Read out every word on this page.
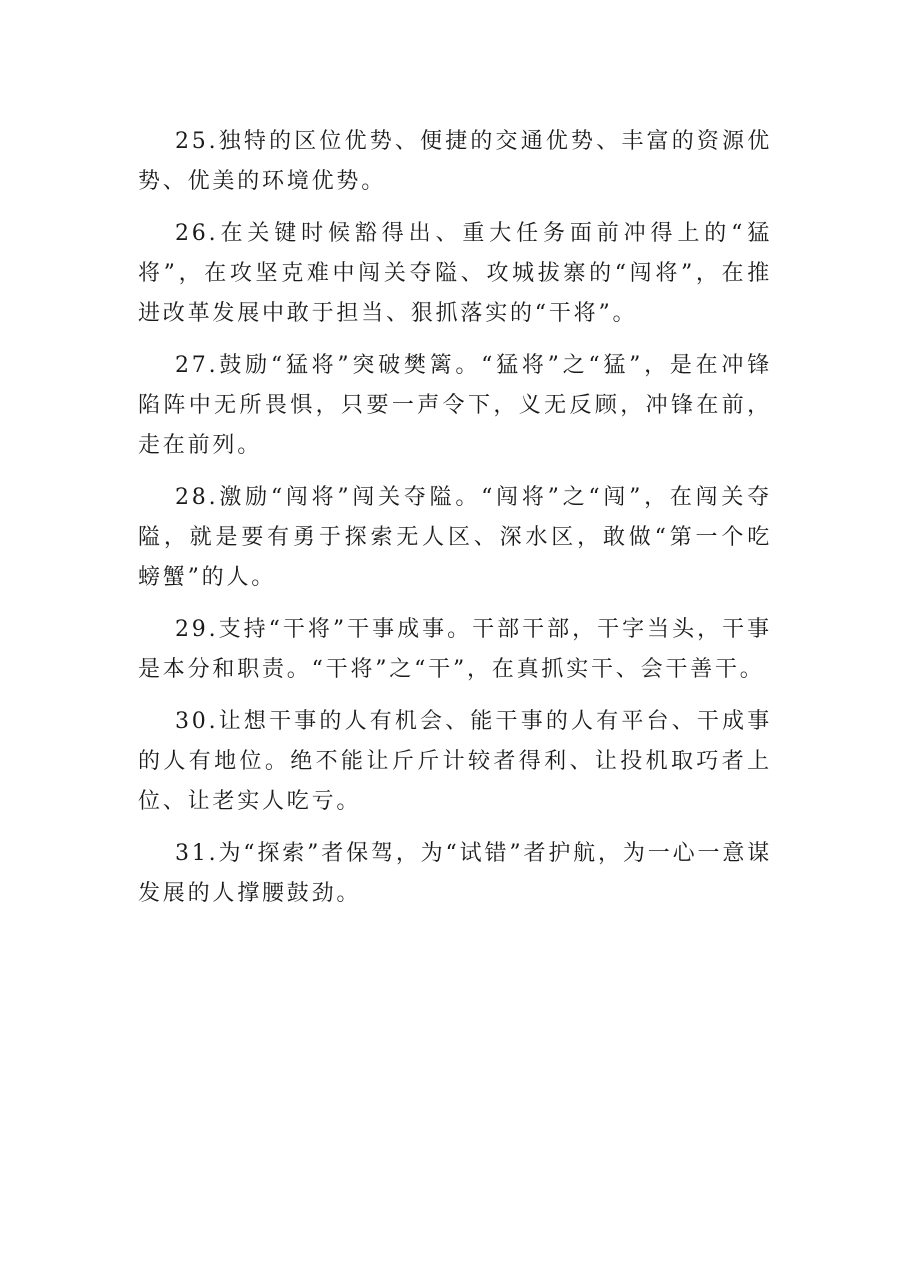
25.独特的区位优势、便捷的交通优势、丰富的资源优势、优美的环境优势。

26.在关键时候豁得出、重大任务面前冲得上的“猛将”，在攻坚克难中闯关夺隘、攻城拔寨的“闯将”，在推进改革发展中敢于担当、狠抓落实的“干将”。

27.鼓励“猛将”突破樊篱。“猛将”之“猛”，是在冲锋陷阵中无所畏惧，只要一声令下，义无反顾，冲锋在前，走在前列。

28.激励“闯将”闯关夺隘。“闯将”之“闯”，在闯关夺隘，就是要有勇于探索无人区、深水区，敢做“第一个吃螃蟹”的人。

29.支持“干将”干事成事。干部干部，干字当头，干事是本分和职责。“干将”之“干”，在真抓实干、会干善干。

30.让想干事的人有机会、能干事的人有平台、干成事的人有地位。绝不能让斤斤计较者得利、让投机取巧者上位、让老实人吃亏。

31.为“探索”者保驾，为“试错”者护航，为一心一意谋发展的人撑腰鼓劲。
